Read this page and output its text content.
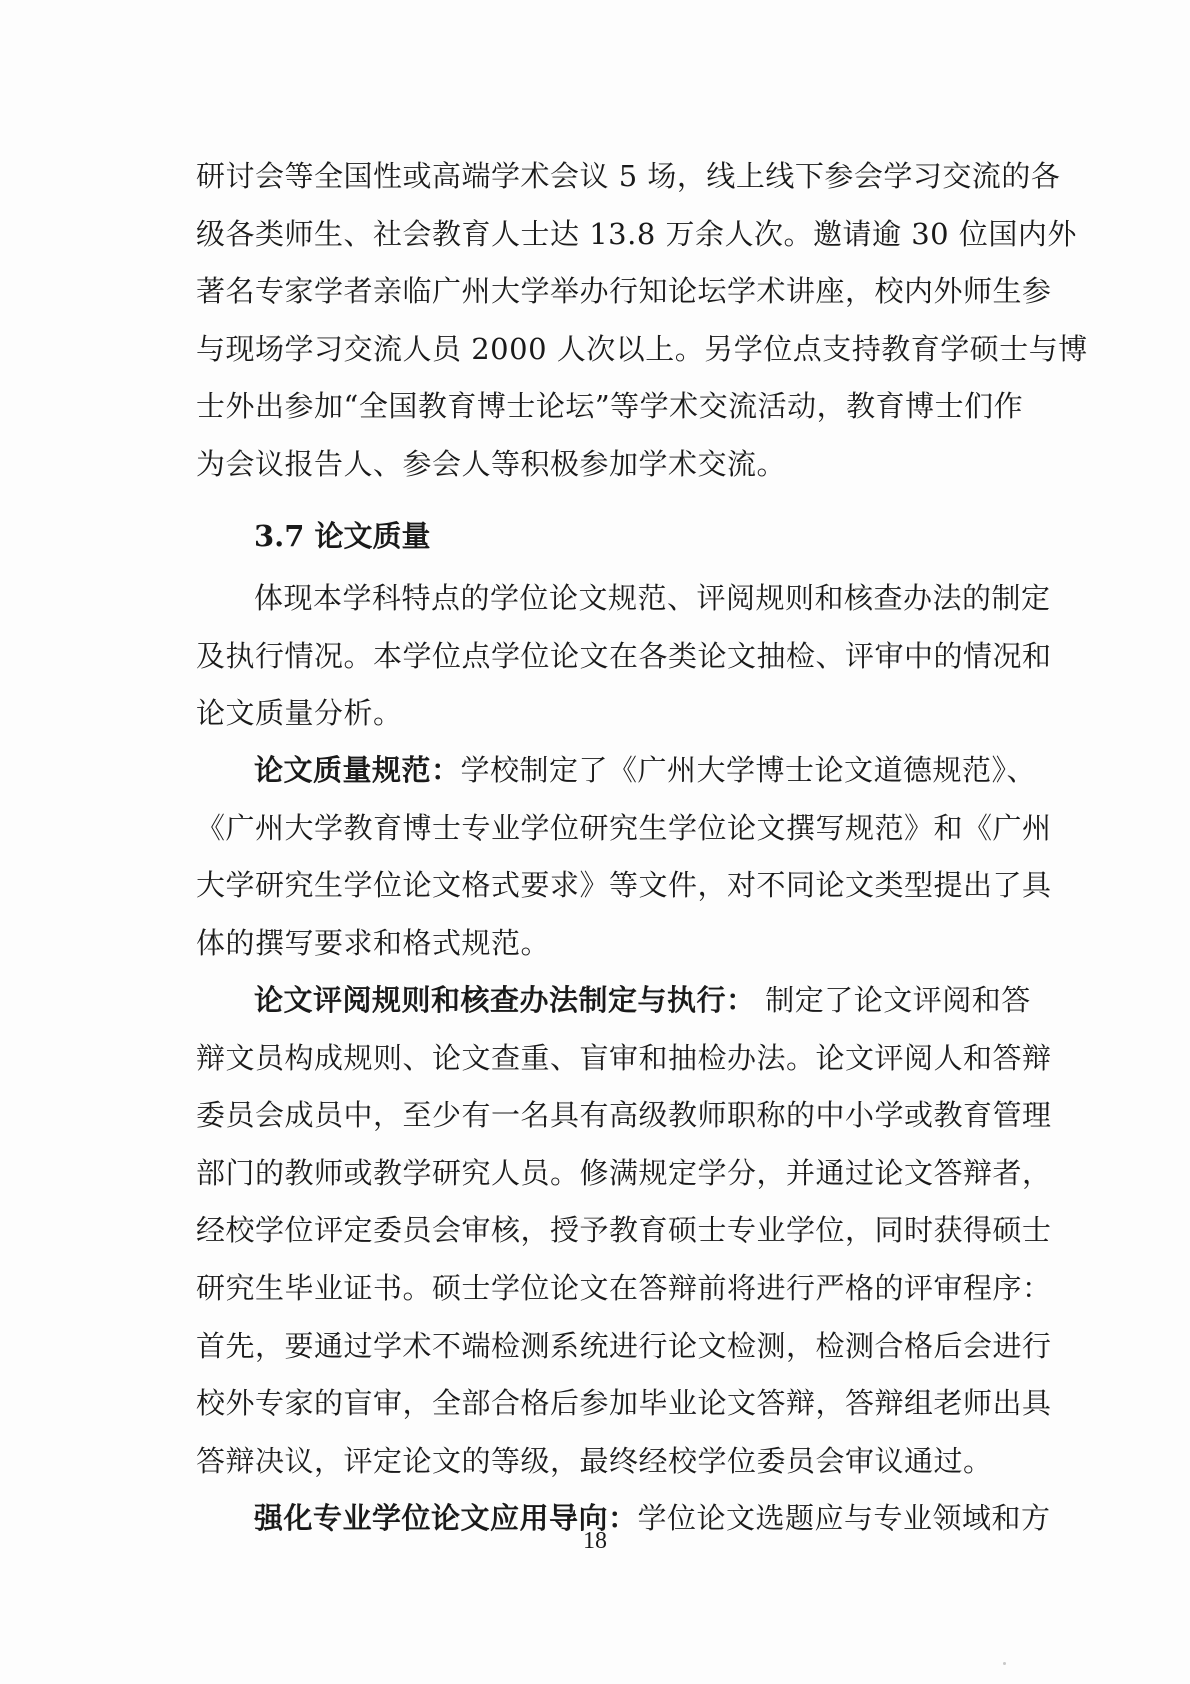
研讨会等全国性或高端学术会议 5 场，线上线下参会学习交流的各
级各类师生、社会教育人士达 13.8 万余人次。邀请逾 30 位国内外
著名专家学者亲临广州大学举办行知论坛学术讲座，校内外师生参
与现场学习交流人员 2000 人次以上。另学位点支持教育学硕士与博
士外出参加“全国教育博士论坛”等学术交流活动，教育博士们作
为会议报告人、参会人等积极参加学术交流。
3.7 论文质量
体现本学科特点的学位论文规范、评阅规则和核查办法的制定
及执行情况。本学位点学位论文在各类论文抽检、评审中的情况和
论文质量分析。
论文质量规范：学校制定了《广州大学博士论文道德规范》、
《广州大学教育博士专业学位研究生学位论文撰写规范》和《广州
大学研究生学位论文格式要求》等文件，对不同论文类型提出了具
体的撰写要求和格式规范。
论文评阅规则和核查办法制定与执行： 制定了论文评阅和答
辩文员构成规则、论文查重、盲审和抽检办法。论文评阅人和答辩
委员会成员中，至少有一名具有高级教师职称的中小学或教育管理
部门的教师或教学研究人员。修满规定学分，并通过论文答辩者，
经校学位评定委员会审核，授予教育硕士专业学位，同时获得硕士
研究生毕业证书。硕士学位论文在答辩前将进行严格的评审程序：
首先，要通过学术不端检测系统进行论文检测，检测合格后会进行
校外专家的盲审，全部合格后参加毕业论文答辩，答辩组老师出具
答辩决议，评定论文的等级，最终经校学位委员会审议通过。
强化专业学位论文应用导向：学位论文选题应与专业领域和方
18
